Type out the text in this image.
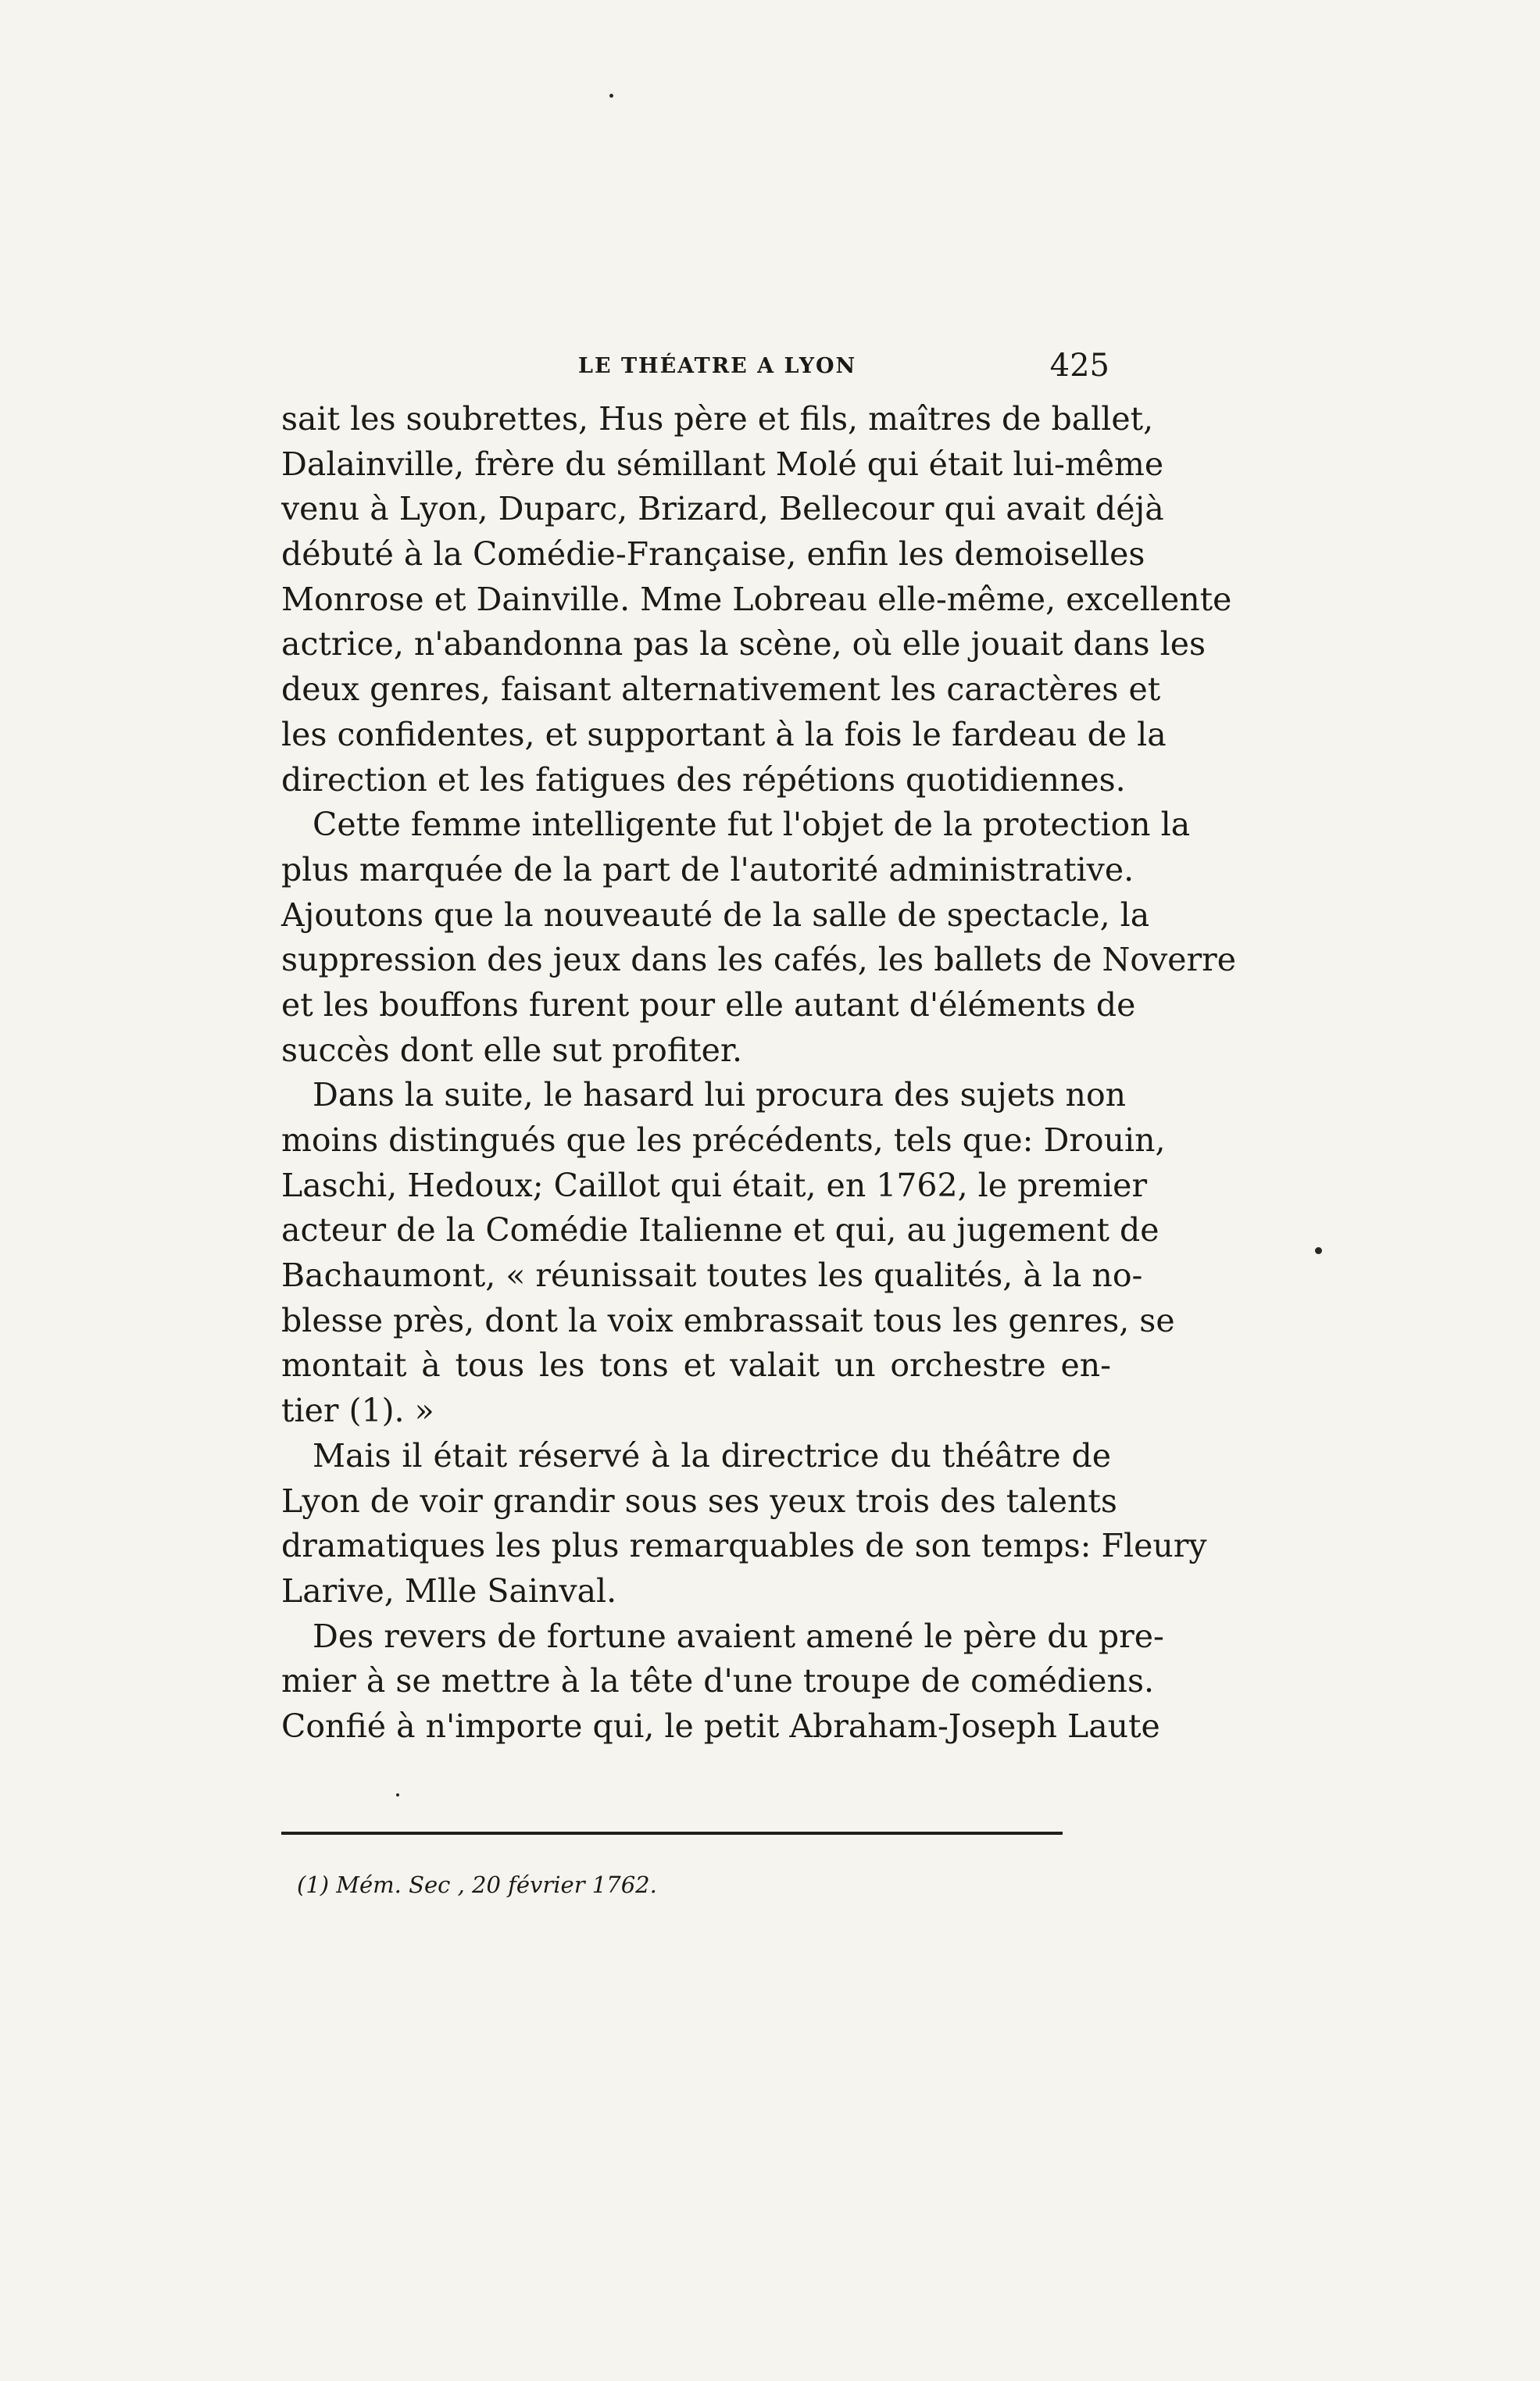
LE THÉATRE A LYON	425
sait les soubrettes, Hus père et fils, maîtres de ballet,
Dalainville, frère du sémillant Molé qui était lui-même
venu à Lyon, Duparc, Brizard, Bellecour qui avait déjà
débuté à la Comédie-Française, enfin les demoiselles
Monrose et Dainville. Mme Lobreau elle-même, excellente
actrice, n'abandonna pas la scène, où elle jouait dans les
deux genres, faisant alternativement les caractères et
les confidentes, et supportant à la fois le fardeau de la
direction et les fatigues des répétions quotidiennes.
Cette femme intelligente fut l'objet de la protection la
plus marquée de la part de l'autorité administrative.
Ajoutons que la nouveauté de la salle de spectacle, la
suppression des jeux dans les cafés, les ballets de Noverre
et les bouffons furent pour elle autant d'éléments de
succès dont elle sut profiter.
Dans la suite, le hasard lui procura des sujets non
moins distingués que les précédents, tels que: Drouin,
Laschi, Hedoux; Caillot qui était, en 1762, le premier
acteur de la Comédie Italienne et qui, au jugement de
Bachaumont, « réunissait toutes les qualités, à la no-
blesse près, dont la voix embrassait tous les genres, se
montait à tous les tons et valait un orchestre en-
tier (1). »
Mais il était réservé à la directrice du théâtre de
Lyon de voir grandir sous ses yeux trois des talents
dramatiques les plus remarquables de son temps: Fleury
Larive, Mlle Sainval.
Des revers de fortune avaient amené le père du pre-
mier à se mettre à la tête d'une troupe de comédiens.
Confié à n'importe qui, le petit Abraham-Joseph Laute
(1) Mém. Sec , 20 février 1762.
